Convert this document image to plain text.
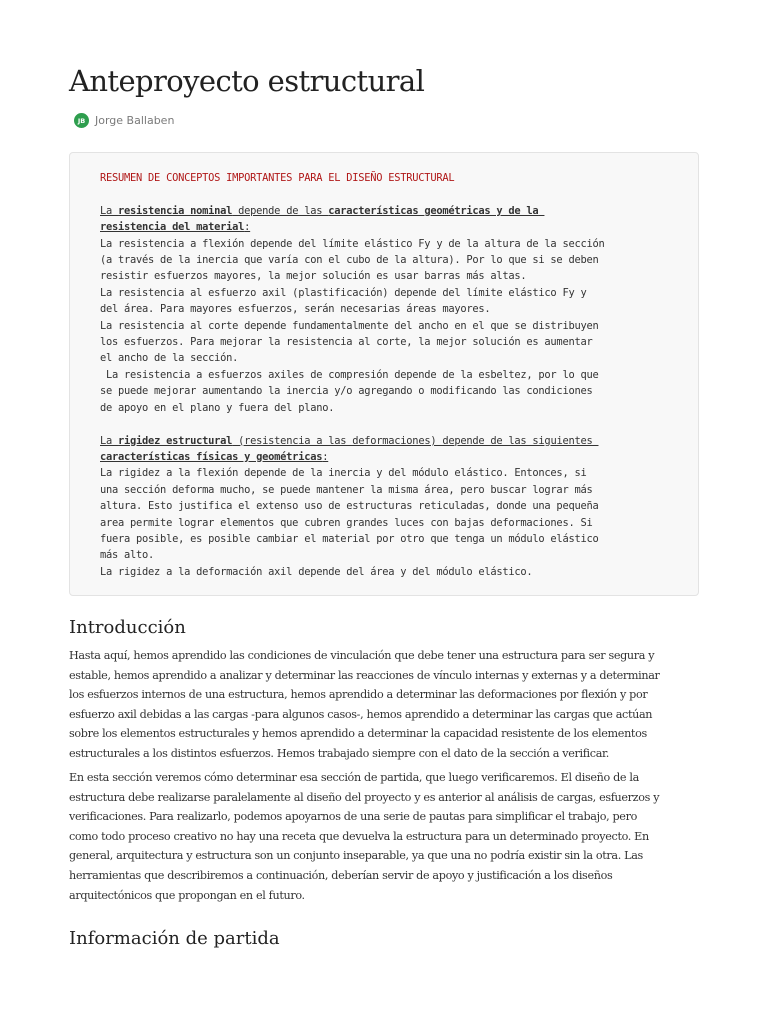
Anteproyecto estructural
JB Jorge Ballaben
RESUMEN DE CONCEPTOS IMPORTANTES PARA EL DISEÑO ESTRUCTURAL

La resistencia nominal depende de las características geométricas y de la
resistencia del material:
La resistencia a flexión depende del límite elástico Fy y de la altura de la sección
(a través de la inercia que varía con el cubo de la altura). Por lo que si se deben
resistir esfuerzos mayores, la mejor solución es usar barras más altas.
La resistencia al esfuerzo axil (plastificación) depende del límite elástico Fy y
del área. Para mayores esfuerzos, serán necesarias áreas mayores.
La resistencia al corte depende fundamentalmente del ancho en el que se distribuyen
los esfuerzos. Para mejorar la resistencia al corte, la mejor solución es aumentar
el ancho de la sección.
La resistencia a esfuerzos axiles de compresión depende de la esbeltez, por lo que
se puede mejorar aumentando la inercia y/o agregando o modificando las condiciones
de apoyo en el plano y fuera del plano.

La rigidez estructural (resistencia a las deformaciones) depende de las siguientes
características físicas y geométricas:
La rigidez a la flexión depende de la inercia y del módulo elástico. Entonces, si
una sección deforma mucho, se puede mantener la misma área, pero buscar lograr más
altura. Esto justifica el extenso uso de estructuras reticuladas, donde una pequeña
area permite lograr elementos que cubren grandes luces con bajas deformaciones. Si
fuera posible, es posible cambiar el material por otro que tenga un módulo elástico
más alto.
La rigidez a la deformación axil depende del área y del módulo elástico.
Introducción
Hasta aquí, hemos aprendido las condiciones de vinculación que debe tener una estructura para ser segura y
estable, hemos aprendido a analizar y determinar las reacciones de vínculo internas y externas y a determinar
los esfuerzos internos de una estructura, hemos aprendido a determinar las deformaciones por flexión y por
esfuerzo axil debidas a las cargas -para algunos casos-, hemos aprendido a determinar las cargas que actúan
sobre los elementos estructurales y hemos aprendido a determinar la capacidad resistente de los elementos
estructurales a los distintos esfuerzos. Hemos trabajado siempre con el dato de la sección a verificar.
En esta sección veremos cómo determinar esa sección de partida, que luego verificaremos. El diseño de la
estructura debe realizarse paralelamente al diseño del proyecto y es anterior al análisis de cargas, esfuerzos y
verificaciones. Para realizarlo, podemos apoyarnos de una serie de pautas para simplificar el trabajo, pero
como todo proceso creativo no hay una receta que devuelva la estructura para un determinado proyecto. En
general, arquitectura y estructura son un conjunto inseparable, ya que una no podría existir sin la otra. Las
herramientas que describiremos a continuación, deberían servir de apoyo y justificación a los diseños
arquitectónicos que propongan en el futuro.
Información de partida
